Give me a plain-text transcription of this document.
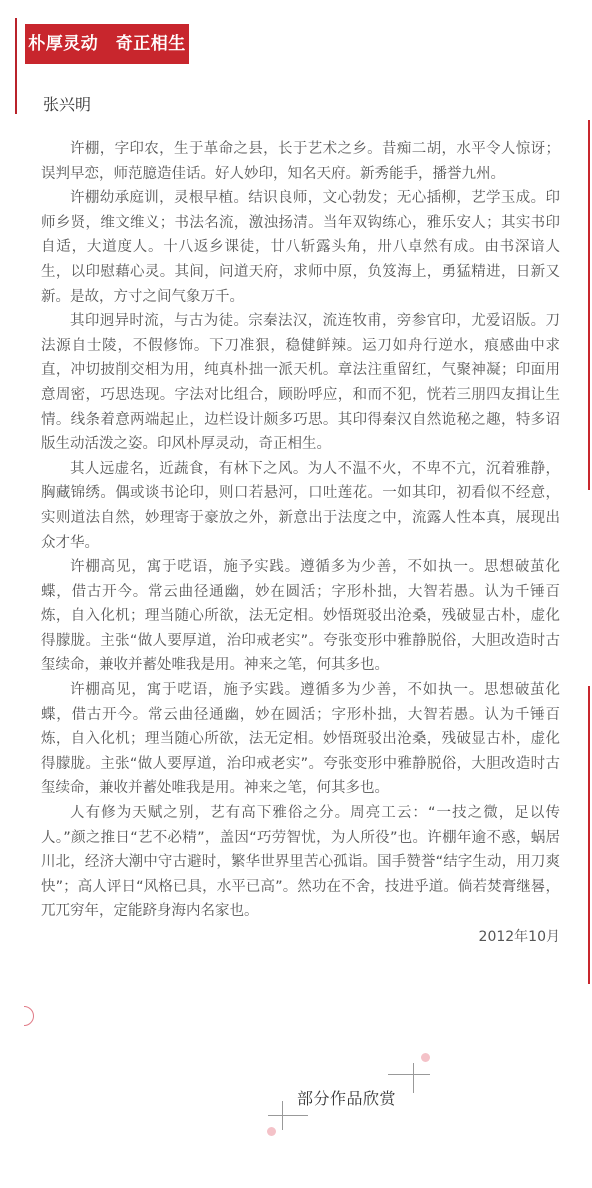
朴厚灵动　奇正相生
张兴明

许棚，字印农，生于革命之县，长于艺术之乡。昔痴二胡，水平令人惊讶；误判早恋，师范臆造佳话。好人妙印，知名天府。新秀能手，播誉九州。

许棚幼承庭训，灵根早植。结识良师，文心勃发；无心插柳，艺学玉成。印师乡贤，维文维义；书法名流，激浊扬清。当年双钩练心，雅乐安人；其实书印自适，大道度人。十八返乡课徒，廿八斩露头角，卅八卓然有成。由书深谙人生，以印慰藉心灵。其间，问道天府，求师中原，负笈海上，勇猛精进，日新又新。是故，方寸之间气象万千。

其印迥异时流，与古为徒。宗秦法汉，流连牧甫，旁参官印，尤爱诏版。刀法源自士陵，不假修饰。下刀准狠，稳健鲜辣。运刀如舟行逆水，痕感曲中求直，冲切披削交相为用，纯真朴拙一派天机。章法注重留红，气聚神凝；印面用意周密，巧思迭现。字法对比组合，顾盼呼应，和而不犯，恍若三朋四友揖让生情。线条着意两端起止，边栏设计颇多巧思。其印得秦汉自然诡秘之趣，特多诏版生动活泼之姿。印风朴厚灵动，奇正相生。

其人远虚名，近蔬食，有林下之风。为人不温不火，不卑不亢，沉着雅静，胸藏锦绣。偶或谈书论印，则口若悬河，口吐莲花。一如其印，初看似不经意，实则道法自然，妙理寄于豪放之外，新意出于法度之中，流露人性本真，展现出众才华。

许棚高见，寓于呓语，施予实践。遵循多为少善，不如执一。思想破茧化蝶，借古开今。常云曲径通幽，妙在圆活；字形朴拙，大智若愚。认为千锤百炼，自入化机；理当随心所欲，法无定相。妙悟斑驳出沧桑，残破显古朴，虚化得朦胧。主张“做人要厚道，治印戒老实”。夸张变形中雅静脱俗，大胆改造时古玺续命，兼收并蓄处唯我是用。神来之笔，何其多也。

许棚高见，寓于呓语，施予实践。遵循多为少善，不如执一。思想破茧化蝶，借古开今。常云曲径通幽，妙在圆活；字形朴拙，大智若愚。认为千锤百炼，自入化机；理当随心所欲，法无定相。妙悟斑驳出沧桑，残破显古朴，虚化得朦胧。主张“做人要厚道，治印戒老实”。夸张变形中雅静脱俗，大胆改造时古玺续命，兼收并蓄处唯我是用。神来之笔，何其多也。

人有修为天赋之别，艺有高下雅俗之分。周亮工云：“一技之微，足以传人。”颜之推日“艺不必精”，盖因“巧劳智忧，为人所役”也。许棚年逾不惑，蜗居川北，经济大潮中守古避时，繁华世界里苦心孤诣。国手赞誉“结字生动，用刀爽快”；高人评日“风格已具，水平已高”。然功在不舍，技进乎道。倘若焚膏继晷，兀兀穷年，定能跻身海内名家也。

2012年10月
部分作品欣赏
